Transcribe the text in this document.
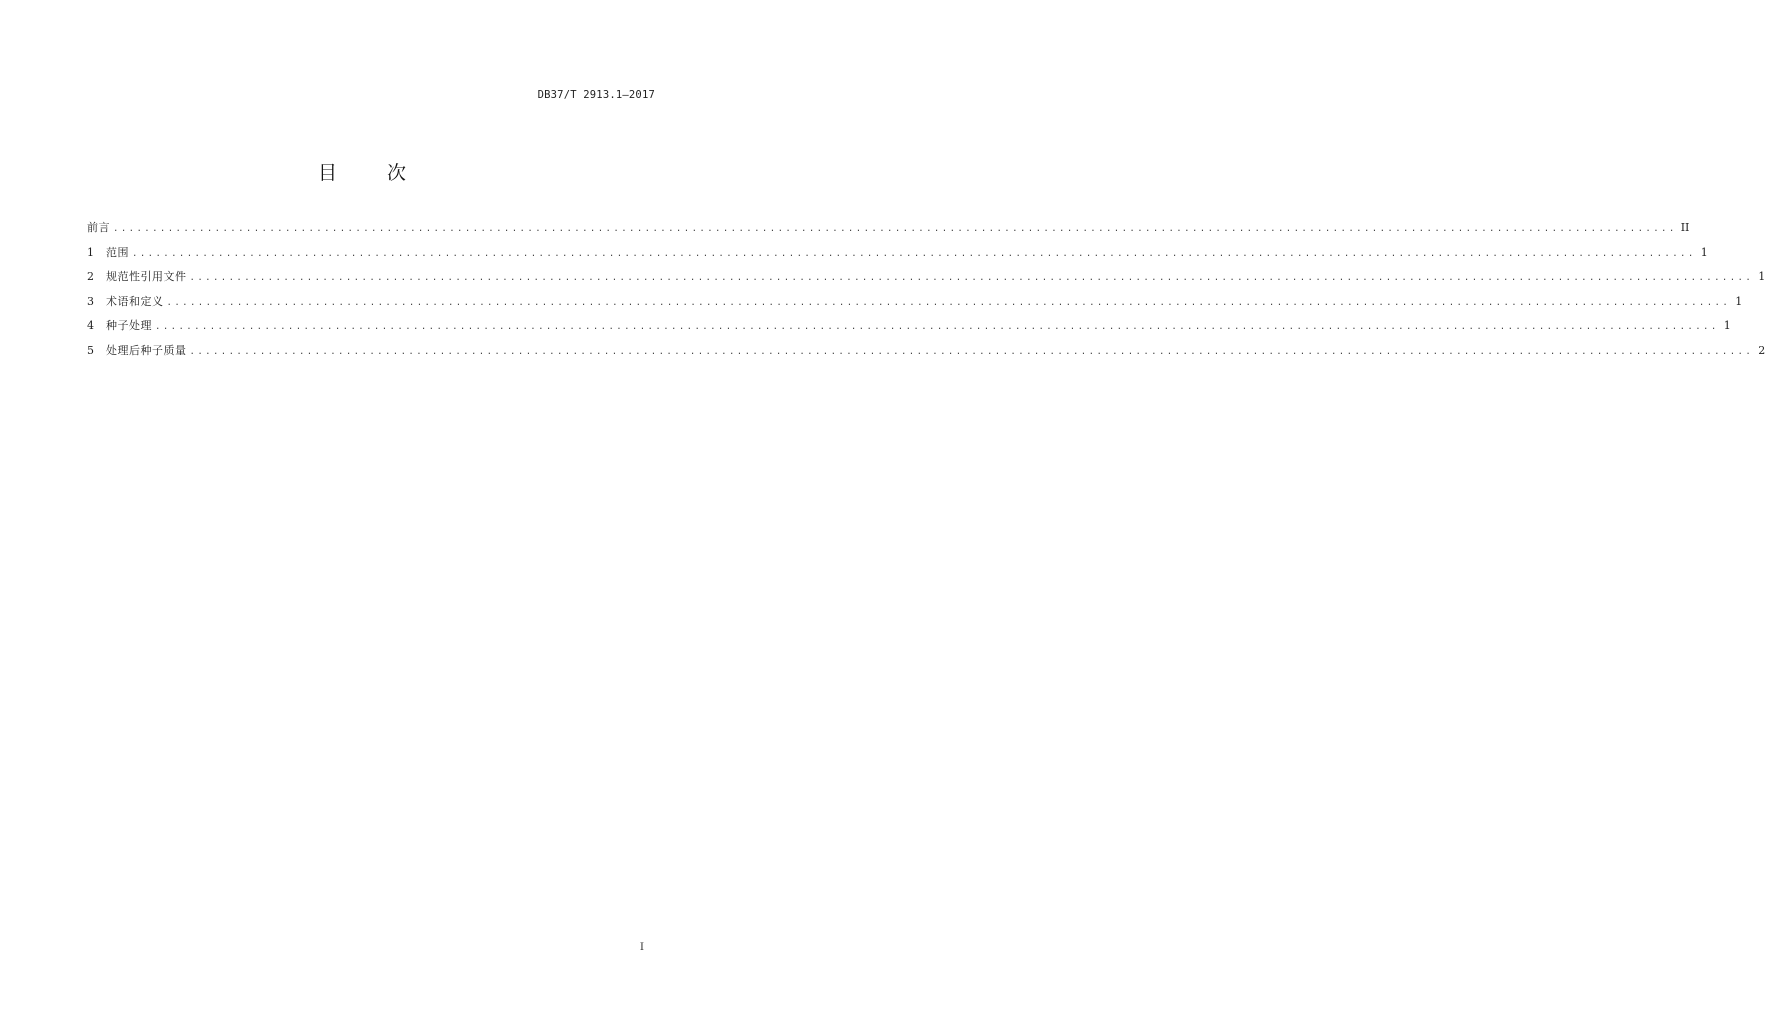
DB37/T 2913.1—2017
目 次
前言 ........................................................................................................................................................................................................ II
1	范围 ........................................................................................................................................................................................................ 1
2	规范性引用文件 ........................................................................................................................................................................................................ 1
3	术语和定义 ........................................................................................................................................................................................................ 1
4	种子处理 ........................................................................................................................................................................................................ 1
5	处理后种子质量 ........................................................................................................................................................................................................ 2
I
